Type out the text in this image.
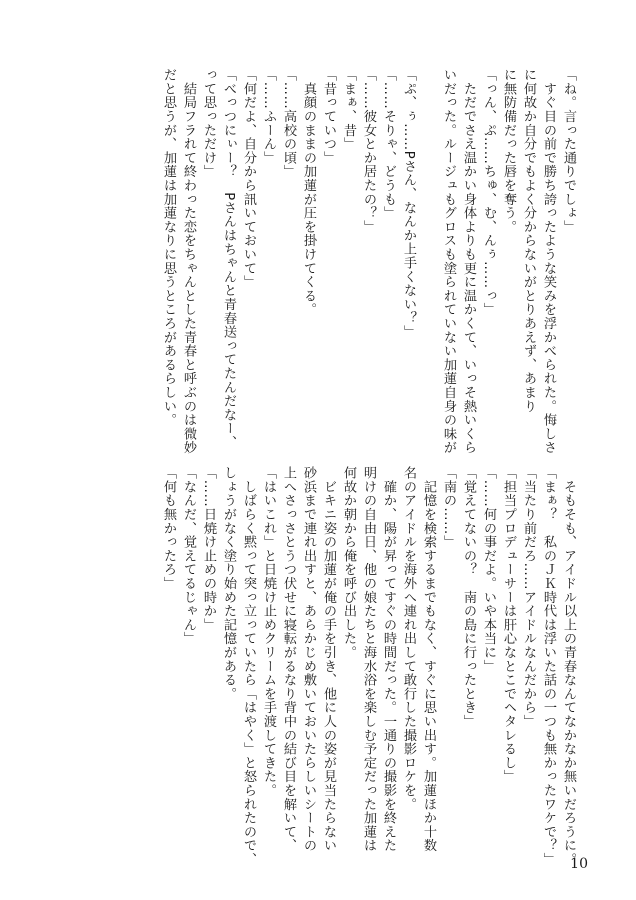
「ね。言った通りでしょ」
　すぐ目の前で勝ち誇ったような笑みを浮かべられた。悔しさ
に何故か自分でもよく分からないがとりあえず、あまり
に無防備だった唇を奪う。
「っん、ぷ……ちゅ、む、んぅ……っ」
　ただでさえ温かい身体よりも更に温かくて、いっそ熱いくら
いだった。ルージュもグロスも塗られていない加蓮自身の味が

「ぷ、ぅ……Pさん、なんか上手くない？」
「……そりゃ、どうも」
「……彼女とか居たの？」
「まぁ、昔」
「昔っていつ」
　真顔のままの加蓮が圧を掛けてくる。
「……高校の頃」
「……ふーん」
「何だよ、自分から訊いておいて」
「べっつにぃー？　Pさんはちゃんと青春送ってたんだなー、
って思っただけ」
　結局フラれて終わった恋をちゃんとした青春と呼ぶのは微妙
だと思うが、加蓮は加蓮なりに思うところがあるらしい。
　そもそも、アイドル以上の青春なんてなかなか無いだろうに。
「まぁ？　私のＪＫ時代は浮いた話の一つも無かったワケで？」
「当たり前だろ……アイドルなんだから」
「担当プロデューサーは肝心なとこでヘタレるし」
「……何の事だよ。いや本当に」
「覚えてないの？　南の島に行ったとき」
「南の……」
　記憶を検索するまでもなく、すぐに思い出す。加蓮ほか十数
名のアイドルを海外へ連れ出して敢行した撮影ロケを。
　確か、陽が昇ってすぐの時間だった。一通りの撮影を終えた
明けの自由日、他の娘たちと海水浴を楽しむ予定だった加蓮は
何故か朝から俺を呼び出した。
　ビキニ姿の加蓮が俺の手を引き、他に人の姿が見当たらない
砂浜まで連れ出すと、あらかじめ敷いておいたらしいシートの
上へさっさとうつ伏せに寝転がるなり背中の結び目を解いて、
「はいこれ」と日焼け止めクリームを手渡してきた。
　しばらく黙って突っ立っていたら「はやく」と怒られたので、
しょうがなく塗り始めた記憶がある。
「……日焼け止めの時か」
「なんだ、覚えてるじゃん」
「何も無かったろ」
10
